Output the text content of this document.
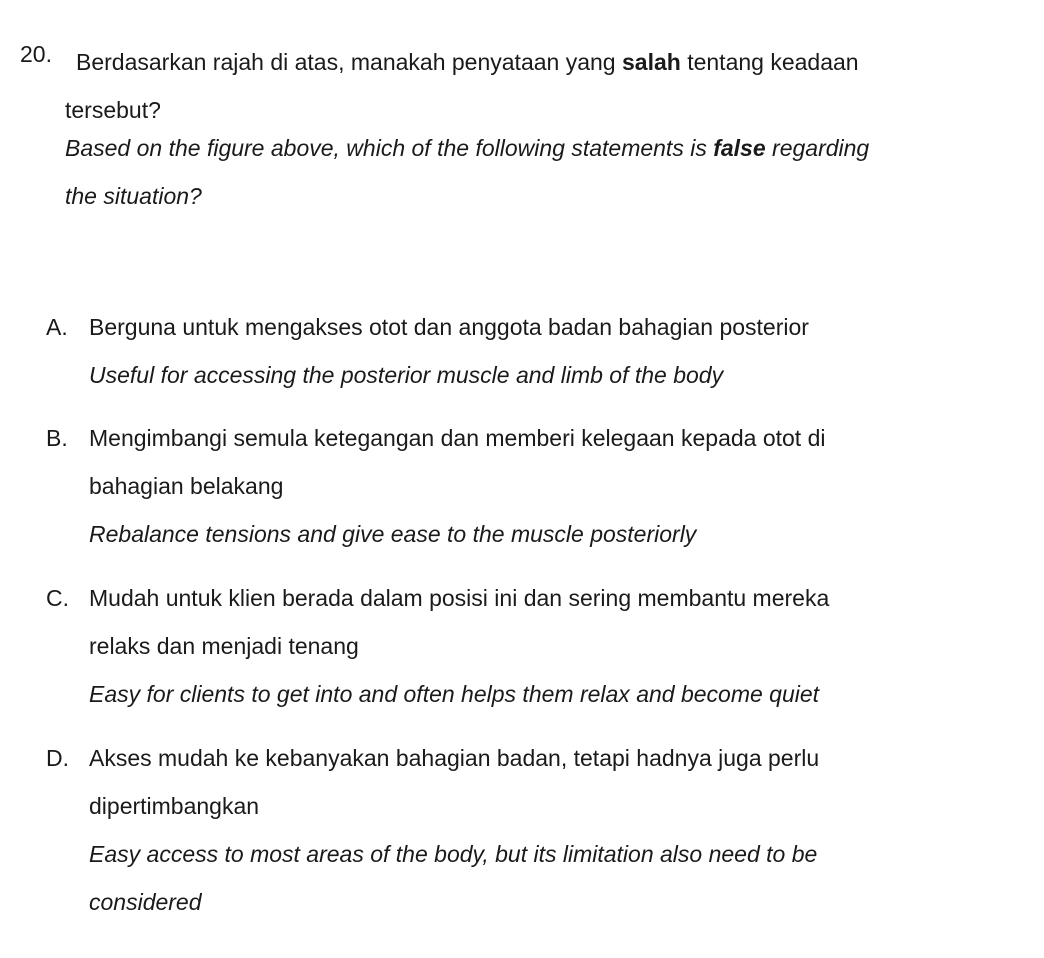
20.	Berdasarkan rajah di atas, manakah penyataan yang salah tentang keadaan
tersebut?
Based on the figure above, which of the following statements is false regarding
the situation?
A. Berguna untuk mengakses otot dan anggota badan bahagian posterior
Useful for accessing the posterior muscle and limb of the body
B. Mengimbangi semula ketegangan dan memberi kelegaan kepada otot di
bahagian belakang
Rebalance tensions and give ease to the muscle posteriorly
C. Mudah untuk klien berada dalam posisi ini dan sering membantu mereka
relaks dan menjadi tenang
Easy for clients to get into and often helps them relax and become quiet
D. Akses mudah ke kebanyakan bahagian badan, tetapi hadnya juga perlu
dipertimbangkan
Easy access to most areas of the body, but its limitation also need to be
considered
